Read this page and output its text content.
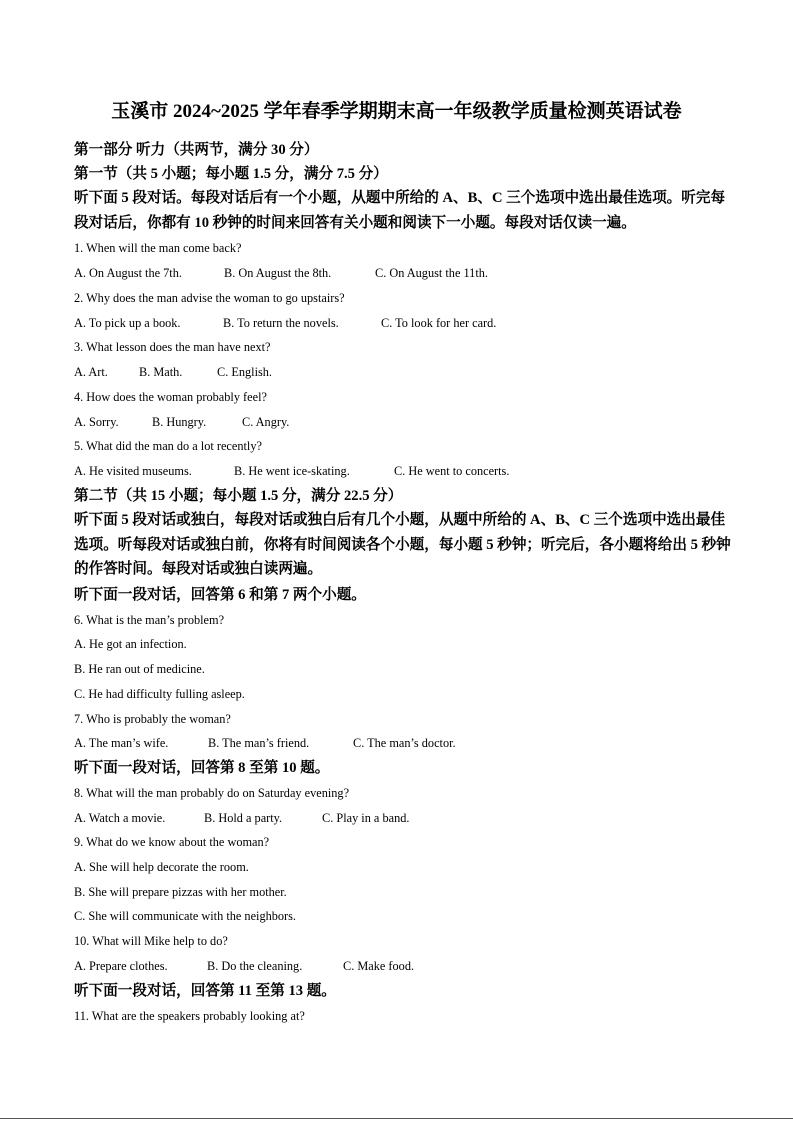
玉溪市 2024~2025 学年春季学期期末高一年级教学质量检测英语试卷
第一部分 听力（共两节，满分 30 分）
第一节（共 5 小题；每小题 1.5 分，满分 7.5 分）
听下面 5 段对话。每段对话后有一个小题，从题中所给的 A、B、C 三个选项中选出最佳选项。听完每段对话后，你都有 10 秒钟的时间来回答有关小题和阅读下一小题。每段对话仅读一遍。
1. When will the man come back?
A. On August the 7th.	B. On August the 8th.	C. On August the 11th.
2. Why does the man advise the woman to go upstairs?
A. To pick up a book.	B. To return the novels.	C. To look for her card.
3. What lesson does the man have next?
A. Art.	B. Math.	C. English.
4. How does the woman probably feel?
A. Sorry.	B. Hungry.	C. Angry.
5. What did the man do a lot recently?
A. He visited museums.	B. He went ice-skating.	C. He went to concerts.
第二节（共 15 小题；每小题 1.5 分，满分 22.5 分）
听下面 5 段对话或独白，每段对话或独白后有几个小题，从题中所给的 A、B、C 三个选项中选出最佳选项。听每段对话或独白前，你将有时间阅读各个小题，每小题 5 秒钟；听完后，各小题将给出 5 秒钟的作答时间。每段对话或独白读两遍。
听下面一段对话，回答第 6 和第 7 两个小题。
6. What is the man’s problem?
A. He got an infection.
B. He ran out of medicine.
C. He had difficulty fulling asleep.
7. Who is probably the woman?
A. The man’s wife.	B. The man’s friend.	C. The man’s doctor.
听下面一段对话，回答第 8 至第 10 题。
8. What will the man probably do on Saturday evening?
A. Watch a movie.	B. Hold a party.	C. Play in a band.
9. What do we know about the woman?
A. She will help decorate the room.
B. She will prepare pizzas with her mother.
C. She will communicate with the neighbors.
10. What will Mike help to do?
A. Prepare clothes.	B. Do the cleaning.	C. Make food.
听下面一段对话，回答第 11 至第 13 题。
11. What are the speakers probably looking at?
